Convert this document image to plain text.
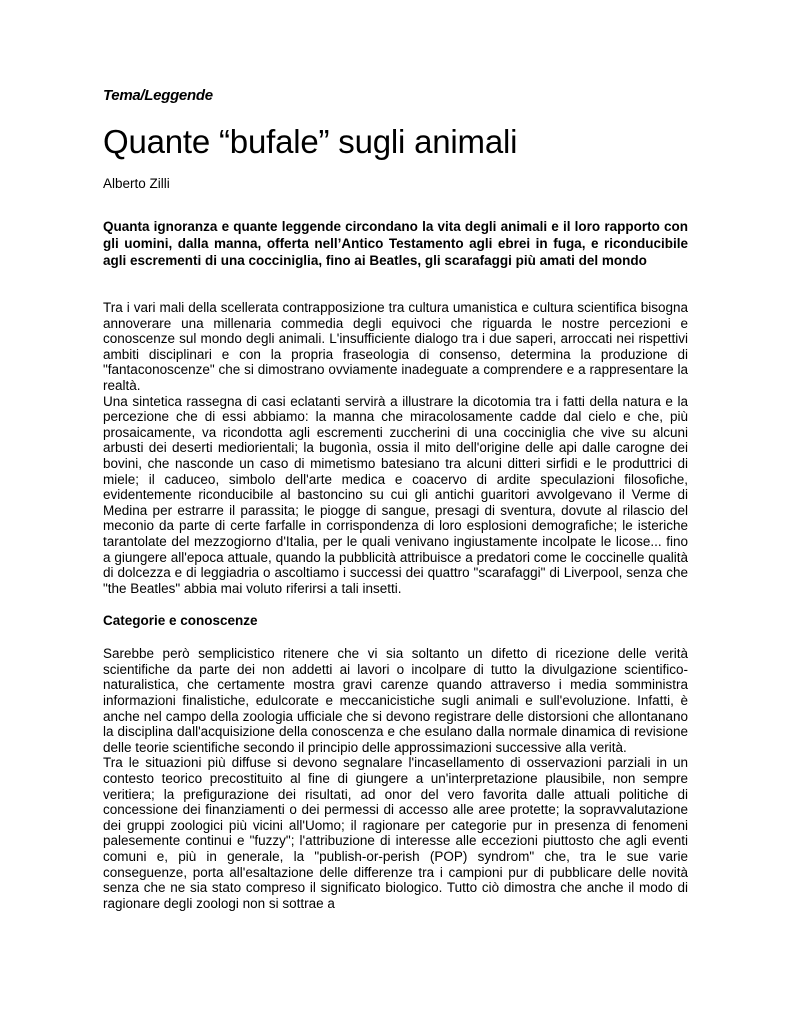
Tema/Leggende
Quante “bufale” sugli animali
Alberto Zilli

Quanta ignoranza e quante leggende circondano la vita degli animali e il loro rapporto con gli uomini, dalla manna, offerta nell’Antico Testamento agli ebrei in fuga, e riconducibile agli escrementi di una cocciniglia, fino ai Beatles, gli scarafaggi più amati del mondo

Tra i vari mali della scellerata contrapposizione tra cultura umanistica e cultura scientifica bisogna annoverare una millenaria commedia degli equivoci che riguarda le nostre percezioni e conoscenze sul mondo degli animali. L'insufficiente dialogo tra i due saperi, arroccati nei rispettivi ambiti disciplinari e con la propria fraseologia di consenso, determina la produzione di "fantaconoscenze" che si dimostrano ovviamente inadeguate a comprendere e a rappresentare la realtà.

Una sintetica rassegna di casi eclatanti servirà a illustrare la dicotomia tra i fatti della natura e la percezione che di essi abbiamo: la manna che miracolosamente cadde dal cielo e che, più prosaicamente, va ricondotta agli escrementi zuccherini di una cocciniglia che vive su alcuni arbusti dei deserti mediorientali; la bugonìa, ossia il mito dell'origine delle api dalle carogne dei bovini, che nasconde un caso di mimetismo batesiano tra alcuni ditteri sirfidi e le produttrici di miele; il caduceo, simbolo dell'arte medica e coacervo di ardite speculazioni filosofiche, evidentemente riconducibile al bastoncino su cui gli antichi guaritori avvolgevano il Verme di Medina per estrarre il parassita; le piogge di sangue, presagi di sventura, dovute al rilascio del meconio da parte di certe farfalle in corrispondenza di loro esplosioni demografiche; le isteriche tarantolate del mezzogiorno d'Italia, per le quali venivano ingiustamente incolpate le licose... fino a giungere all'epoca attuale, quando la pubblicità attribuisce a predatori come le coccinelle qualità di dolcezza e di leggiadria o ascoltiamo i successi dei quattro "scarafaggi" di Liverpool, senza che "the Beatles" abbia mai voluto riferirsi a tali insetti.

Categorie e conoscenze

Sarebbe però semplicistico ritenere che vi sia soltanto un difetto di ricezione delle verità scientifiche da parte dei non addetti ai lavori o incolpare di tutto la divulgazione scientifico-naturalistica, che certamente mostra gravi carenze quando attraverso i media somministra informazioni finalistiche, edulcorate e meccanicistiche sugli animali e sull'evoluzione. Infatti, è anche nel campo della zoologia ufficiale che si devono registrare delle distorsioni che allontanano la disciplina dall'acquisizione della conoscenza e che esulano dalla normale dinamica di revisione delle teorie scientifiche secondo il principio delle approssimazioni successive alla verità.

Tra le situazioni più diffuse si devono segnalare l'incasellamento di osservazioni parziali in un contesto teorico precostituito al fine di giungere a un'interpretazione plausibile, non sempre veritiera; la prefigurazione dei risultati, ad onor del vero favorita dalle attuali politiche di concessione dei finanziamenti o dei permessi di accesso alle aree protette; la sopravvalutazione dei gruppi zoologici più vicini all'Uomo; il ragionare per categorie pur in presenza di fenomeni palesemente continui e "fuzzy"; l'attribuzione di interesse alle eccezioni piuttosto che agli eventi comuni e, più in generale, la "publish-or-perish (POP) syndrom" che, tra le sue varie conseguenze, porta all'esaltazione delle differenze tra i campioni pur di pubblicare delle novità senza che ne sia stato compreso il significato biologico. Tutto ciò dimostra che anche il modo di ragionare degli zoologi non si sottrae a
